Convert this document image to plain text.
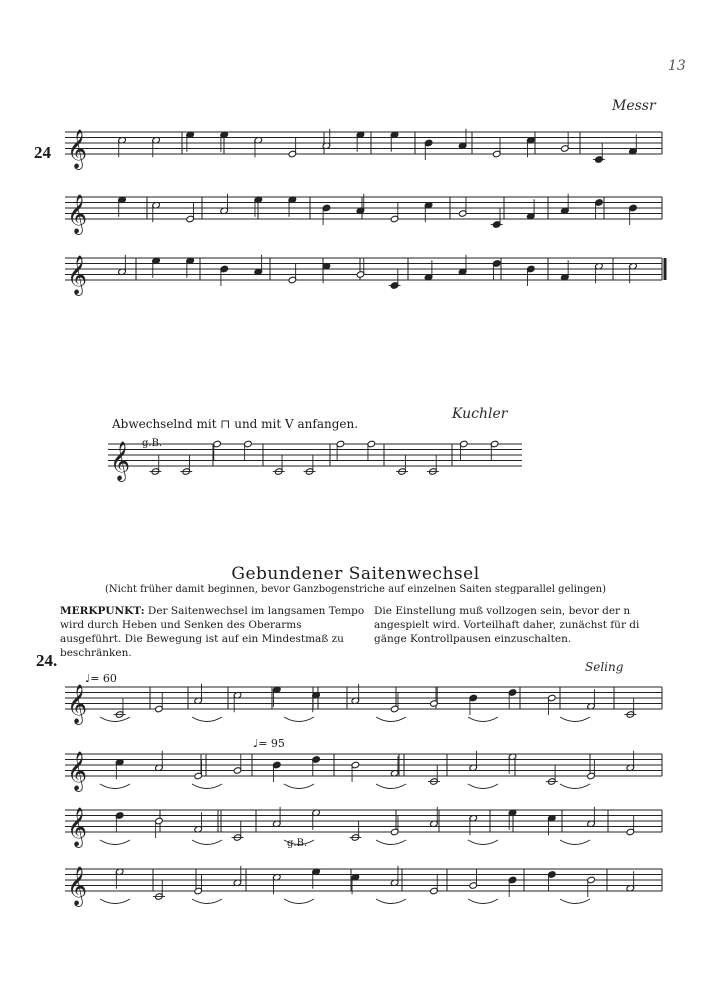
13
Messr
Kuchler
Seling
24
Abwechselnd mit ⊓ und mit V anfangen.
g.B.
Gebundener Saitenwechsel
(Nicht früher damit beginnen, bevor Ganzbogenstriche auf einzelnen Saiten stegparallel gelingen)
MERKPUNKT: Der Saitenwechsel im langsamen Tempo wird durch Heben und Senken des Oberarms ausgeführt. Die Bewegung ist auf ein Mindestmaß zu beschränken.
Die Einstellung muß vollzogen sein, bevor der n angespielt wird. Vorteilhaft daher, zunächst für di gänge Kontrollpausen einzuschalten.
24.
♩= 60
♩= 95
g.B.
𝄞
𝄞
𝄞
𝄞
𝄞
𝄞
𝄞
𝄞
